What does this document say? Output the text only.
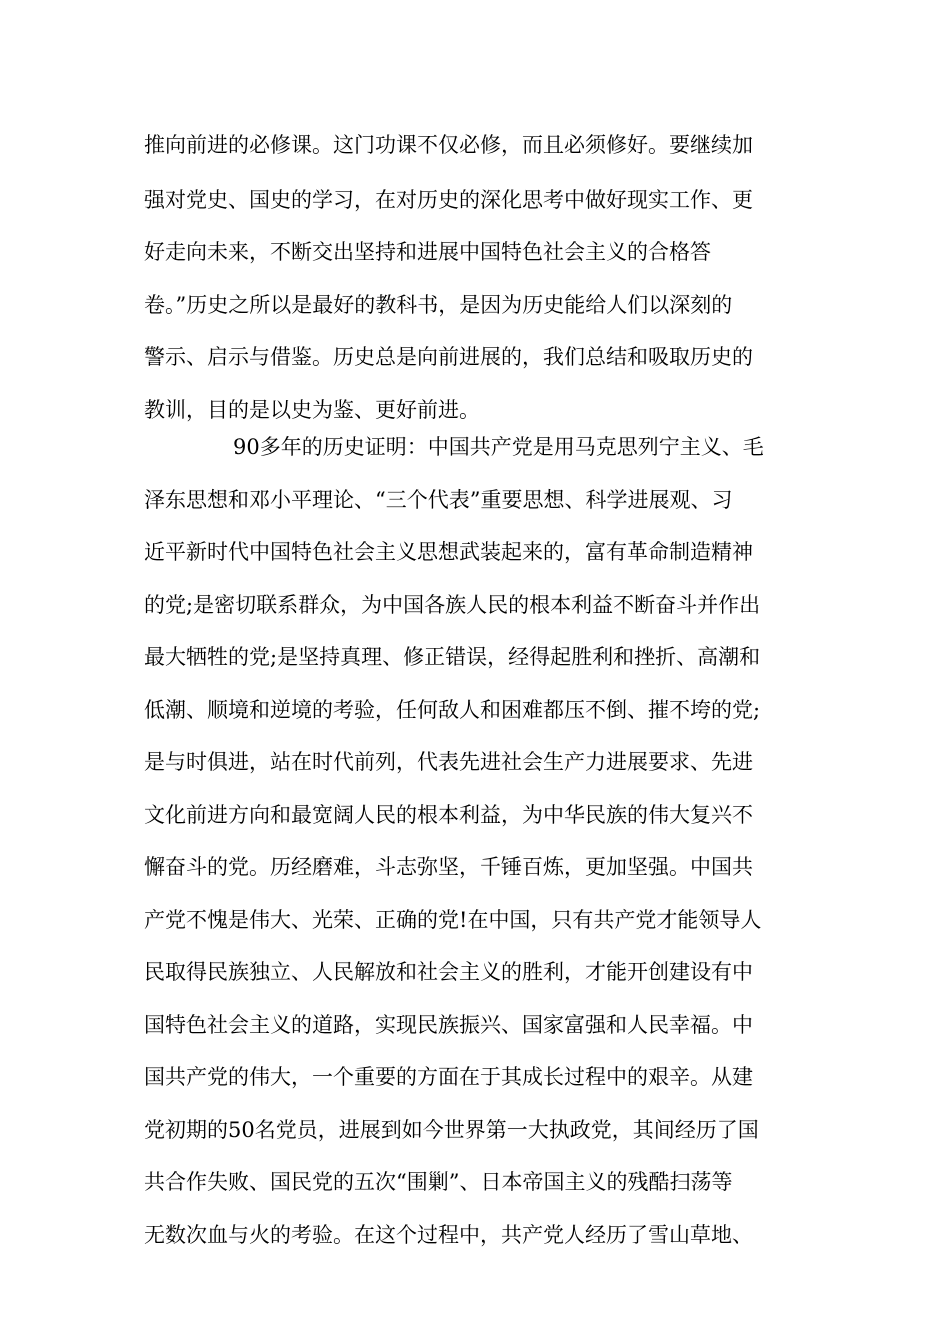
推向前进的必修课。这门功课不仅必修，而且必须修好。要继续加
强对党史、国史的学习，在对历史的深化思考中做好现实工作、更
好走向未来，不断交出坚持和进展中国特色社会主义的合格答
卷。”历史之所以是最好的教科书，是因为历史能给人们以深刻的
警示、启示与借鉴。历史总是向前进展的，我们总结和吸取历史的
教训，目的是以史为鉴、更好前进。
90多年的历史证明：中国共产党是用马克思列宁主义、毛
泽东思想和邓小平理论、“三个代表”重要思想、科学进展观、习
近平新时代中国特色社会主义思想武装起来的，富有革命制造精神
的党;是密切联系群众，为中国各族人民的根本利益不断奋斗并作出
最大牺牲的党;是坚持真理、修正错误，经得起胜利和挫折、高潮和
低潮、顺境和逆境的考验，任何敌人和困难都压不倒、摧不垮的党;
是与时俱进，站在时代前列，代表先进社会生产力进展要求、先进
文化前进方向和最宽阔人民的根本利益，为中华民族的伟大复兴不
懈奋斗的党。历经磨难，斗志弥坚，千锤百炼，更加坚强。中国共
产党不愧是伟大、光荣、正确的党!在中国，只有共产党才能领导人
民取得民族独立、人民解放和社会主义的胜利，才能开创建设有中
国特色社会主义的道路，实现民族振兴、国家富强和人民幸福。中
国共产党的伟大，一个重要的方面在于其成长过程中的艰辛。从建
党初期的50名党员，进展到如今世界第一大执政党，其间经历了国
共合作失败、国民党的五次“围剿”、日本帝国主义的残酷扫荡等
无数次血与火的考验。在这个过程中，共产党人经历了雪山草地、
